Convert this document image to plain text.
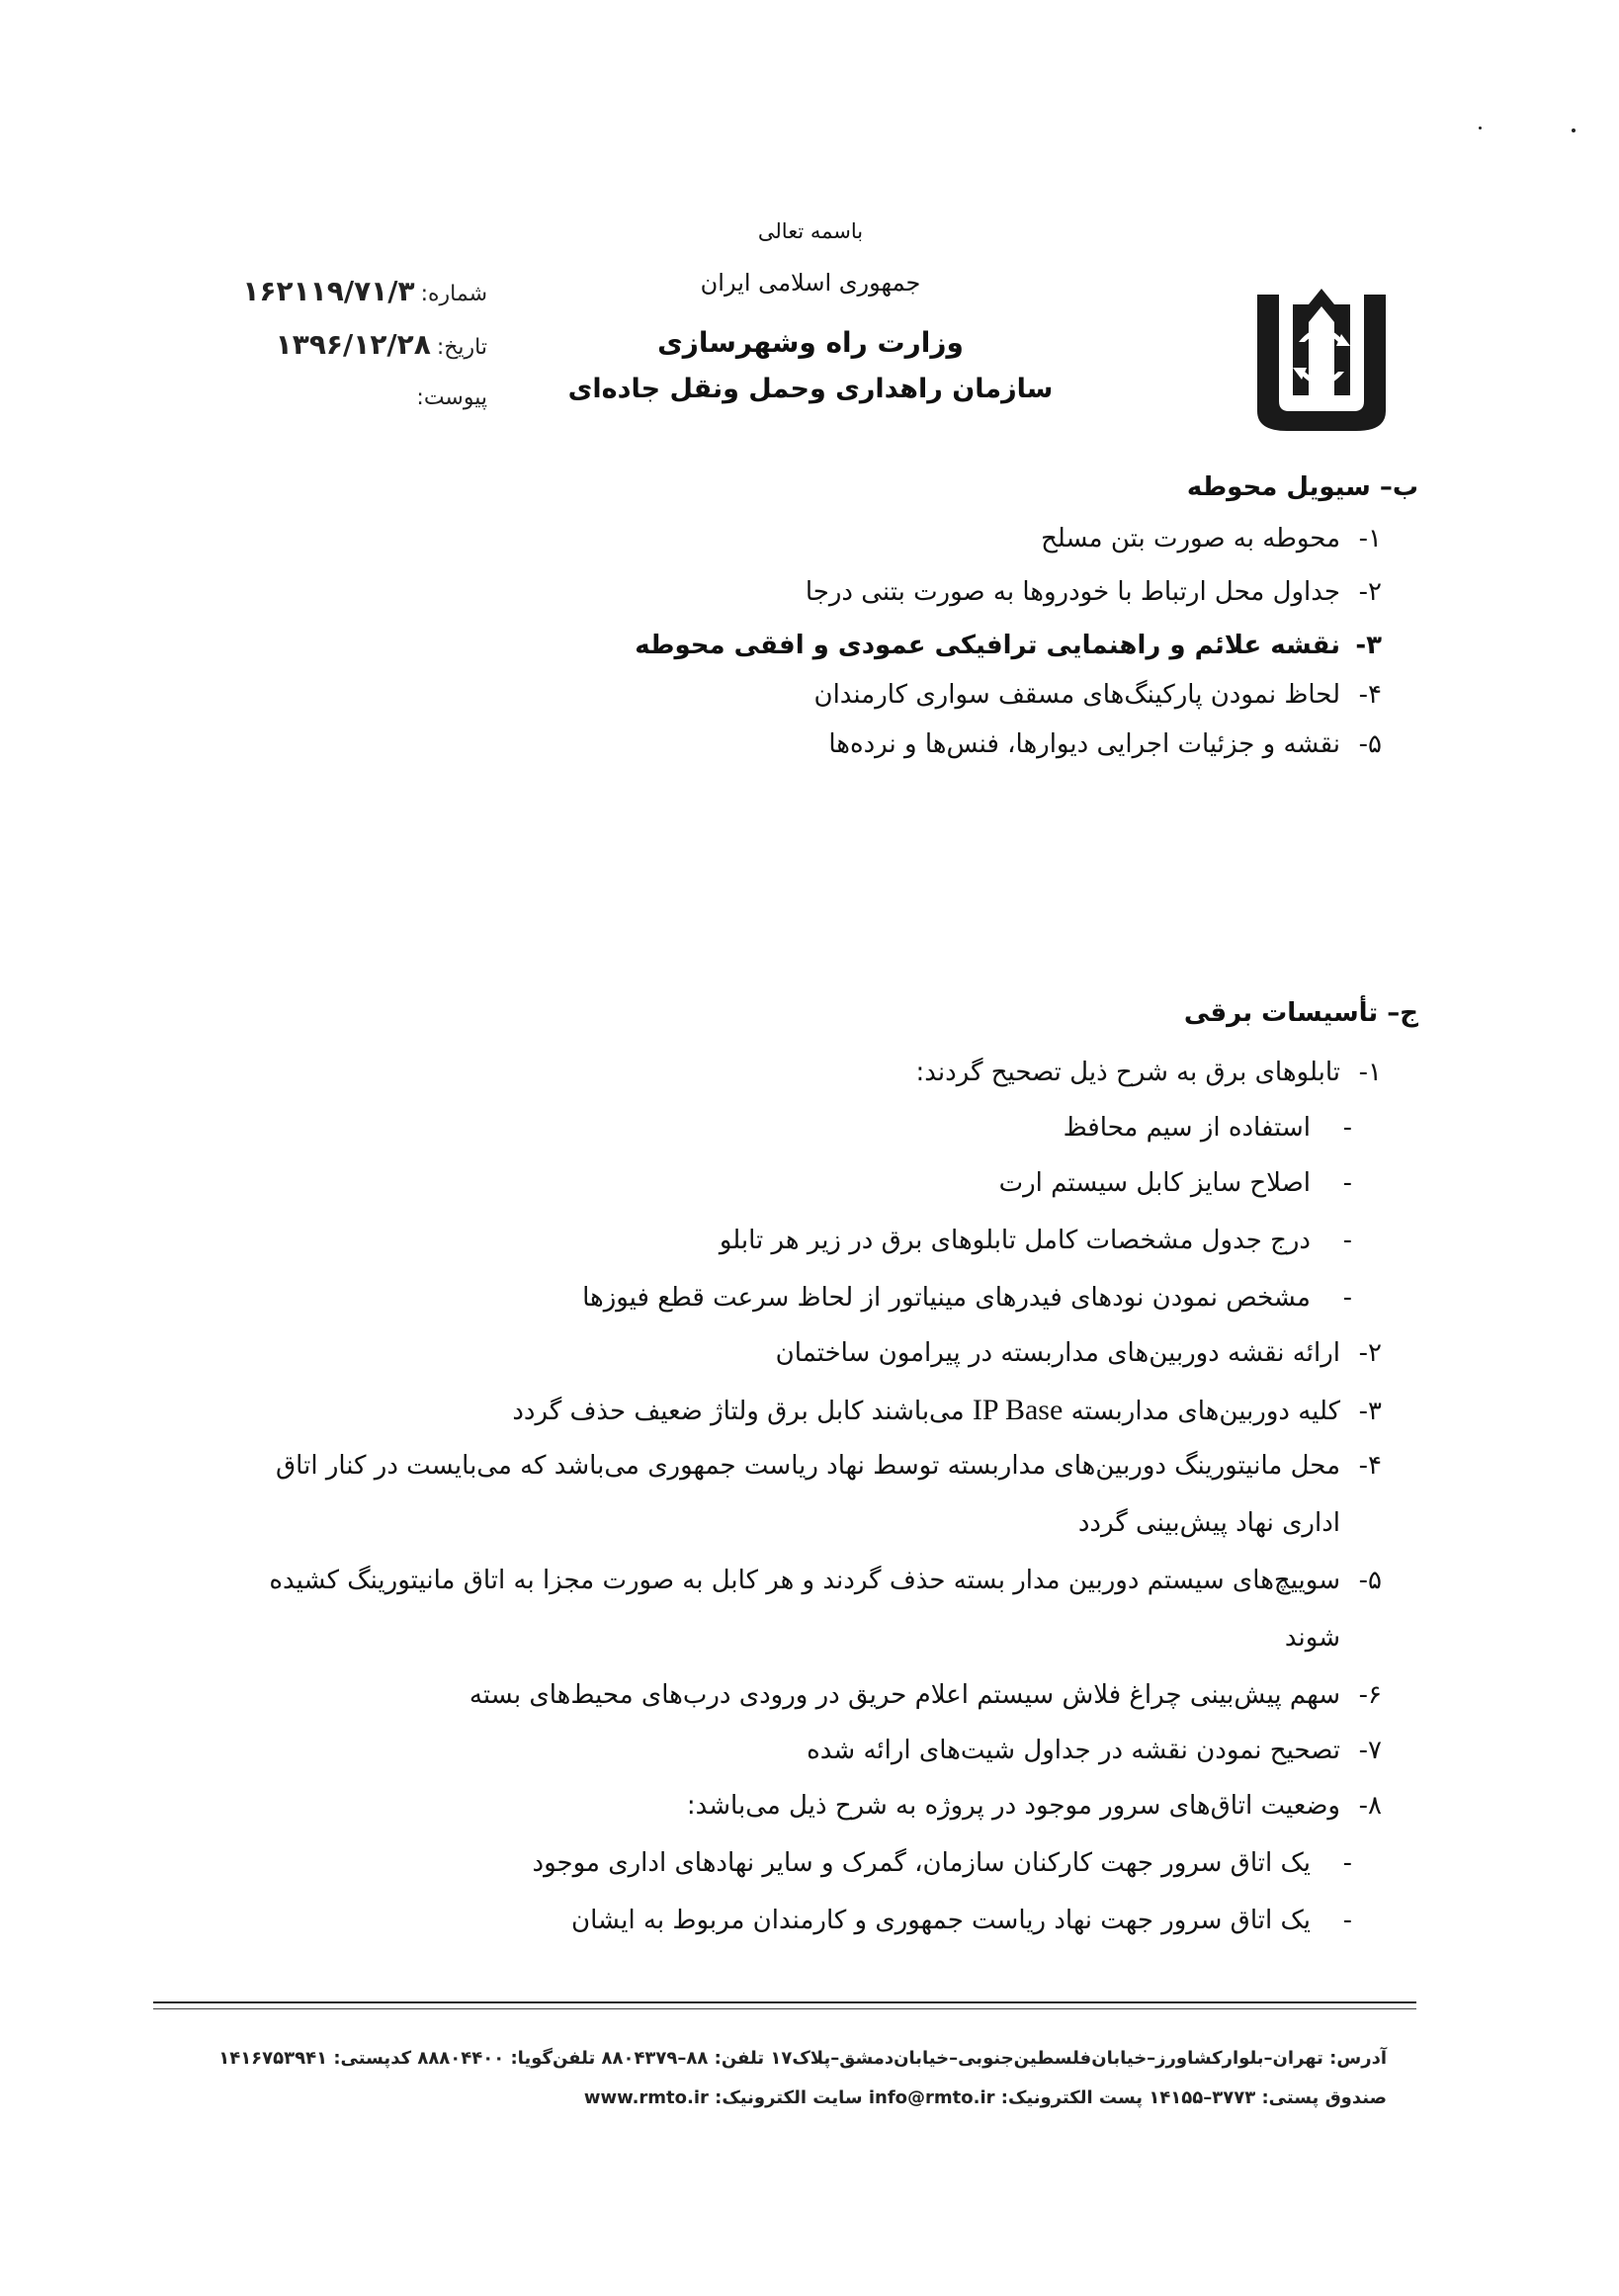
باسمه تعالی
جمهوری اسلامی ایران
وزارت راه وشهرسازی
سازمان راهداری وحمل ونقل جاده‌ای
شماره:۱۶۲۱۱۹/۷۱/۳
تاریخ:۱۳۹۶/۱۲/۲۸
پیوست:
ب– سیویل محوطه
۱-محوطه به صورت بتن مسلح
۲-جداول محل ارتباط با خودروها به صورت بتنی درجا
۳-نقشه علائم و راهنمایی ترافیکی عمودی و افقی محوطه
۴-لحاظ نمودن پارکینگ‌های مسقف سواری کارمندان
۵-نقشه و جزئیات اجرایی دیوارها، فنس‌ها و نرده‌ها
ج– تأسیسات برقی
۱-تابلوهای برق به شرح ذیل تصحیح گردند:
-استفاده از سیم محافظ
-اصلاح سایز کابل سیستم ارت
-درج جدول مشخصات کامل تابلوهای برق در زیر هر تابلو
-مشخص نمودن نودهای فیدرهای مینیاتور از لحاظ سرعت قطع فیوزها
۲-ارائه نقشه دوربین‌های مداربسته در پیرامون ساختمان
۳-کلیه دوربین‌های مداربسته IP Base می‌باشند کابل برق ولتاژ ضعیف حذف گردد
۴-محل مانیتورینگ دوربین‌های مداربسته توسط نهاد ریاست جمهوری می‌باشد که می‌بایست در کنار اتاق
اداری نهاد پیش‌بینی گردد
۵-سوییچ‌های سیستم دوربین مدار بسته حذف گردند و هر کابل به صورت مجزا به اتاق مانیتورینگ کشیده
شوند
۶-سهم پیش‌بینی چراغ فلاش سیستم اعلام حریق در ورودی درب‌های محیط‌های بسته
۷-تصحیح نمودن نقشه در جداول شیت‌های ارائه شده
۸-وضعیت اتاق‌های سرور موجود در پروژه به شرح ذیل می‌باشد:
-یک اتاق سرور جهت کارکنان سازمان، گمرک و سایر نهادهای اداری موجود
-یک اتاق سرور جهت نهاد ریاست جمهوری و کارمندان مربوط به ایشان
آدرس: تهران–بلوارکشاورز–خیابان‌فلسطین‌جنوبی–خیابان‌دمشق–پلاک۱۷ تلفن: ۸۸–۸۸۰۴۳۷۹ تلفن‌گویا: ۸۸۸۰۴۴۰۰ کدپستی: ۱۴۱۶۷۵۳۹۴۱
صندوق پستی: ۳۷۷۳–۱۴۱۵۵ پست الکترونیک: info@rmto.ir سایت الکترونیک: www.rmto.ir
